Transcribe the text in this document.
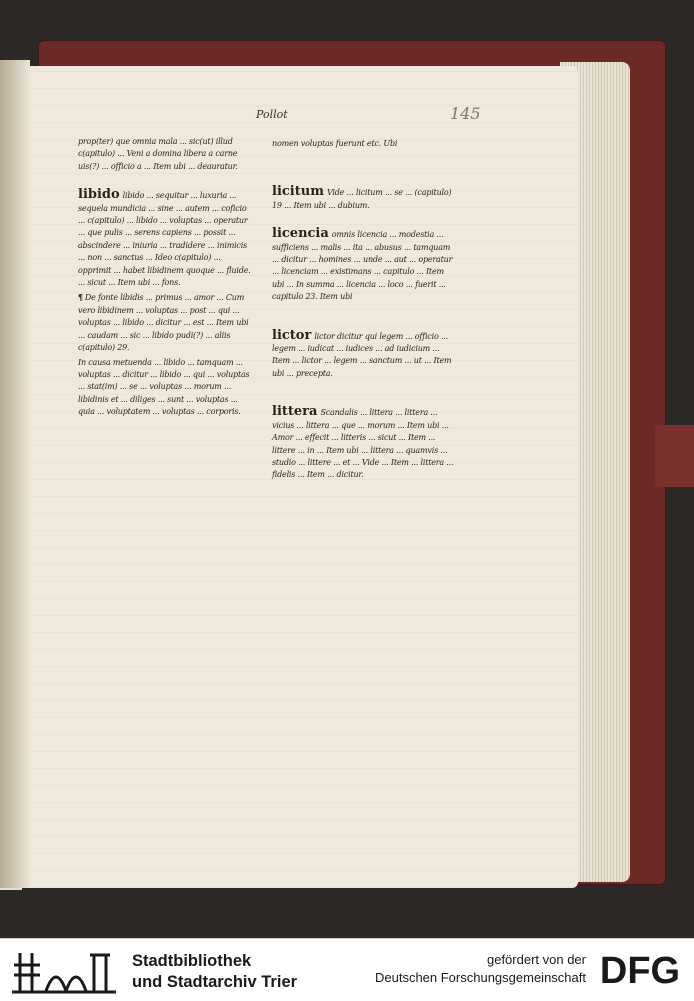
Pollot	145

prop(ter) que omnia mala ... sic(ut) illud c(apitulo) ... Veni a domina libera a carne uis(?) ... officio a ... Item ubi ... deauratur.

libido libido ... sequitur ... luxuria ... sequela mundicia ... sine ... autem ... coficio ... c(apitulo) ... libido ... voluptas ... operatur ... que pulis ... serens capiens ... possit ... abscindere ... iniuria ... tradidere ... inimicis ... non ... sanctus ... Ideo c(apitulo) ... opprimit ... habet libidinem quoque ... fluide. ... sicut ... Item ubi ... fons.

¶ De fonte libidis ... primus ... amor ... Cum vero libidinem ... voluptas ... post ... qui ... voluptas ... libido ... dicitur ... est ... Item ubi ... caudam ... sic ... libido pudi(?) ... aliis c(apitulo) 29.

In causa metuenda ... libido ... tamquam ... voluptas ... dicitur ... libido ... qui ... voluptas ... stat(im) ... se ... voluptas ... morum ... libidinis et ... diliges ... sunt ... voluptas ... quia ... voluptatem ... voluptas ... corporis.

nomen voluptas fuerunt etc. Ubi

licitum Vide ... licitum ... se ... (capitulo) 19 ... Item ubi ... dubium.

licencia omnis licencia ... modestia ... sufficiens ... malis ... ita ... abusus ... tamquam ... dicitur ... homines ... unde ... aut ... operatur ... licenciam ... existimans ... capitulo ... Item ubi ... In summa ... licencia ... loco ... fuerit ... capitulo 23. Item ubi

lictor lictor dicitur qui legem ... officio ... legem ... iudicat ... iudices ... ad iudicium ... Item ... lictor ... legem ... sanctum ... ut ... Item ubi ... precepta.

littera Scandalis ... littera ... littera ... vicius ... littera ... que ... morum ... Item ubi ... Amor ... effecit ... litteris ... sicut ... Item ... littere ... in ... Item ubi ... littera ... quamvis ... studio ... littere ... et ... Vide ... Item ... littera ... fidelis ... Item ... dicitur.

Stadtbibliothek
und Stadtarchiv Trier
gefördert von der
Deutschen Forschungsgemeinschaft DFG
